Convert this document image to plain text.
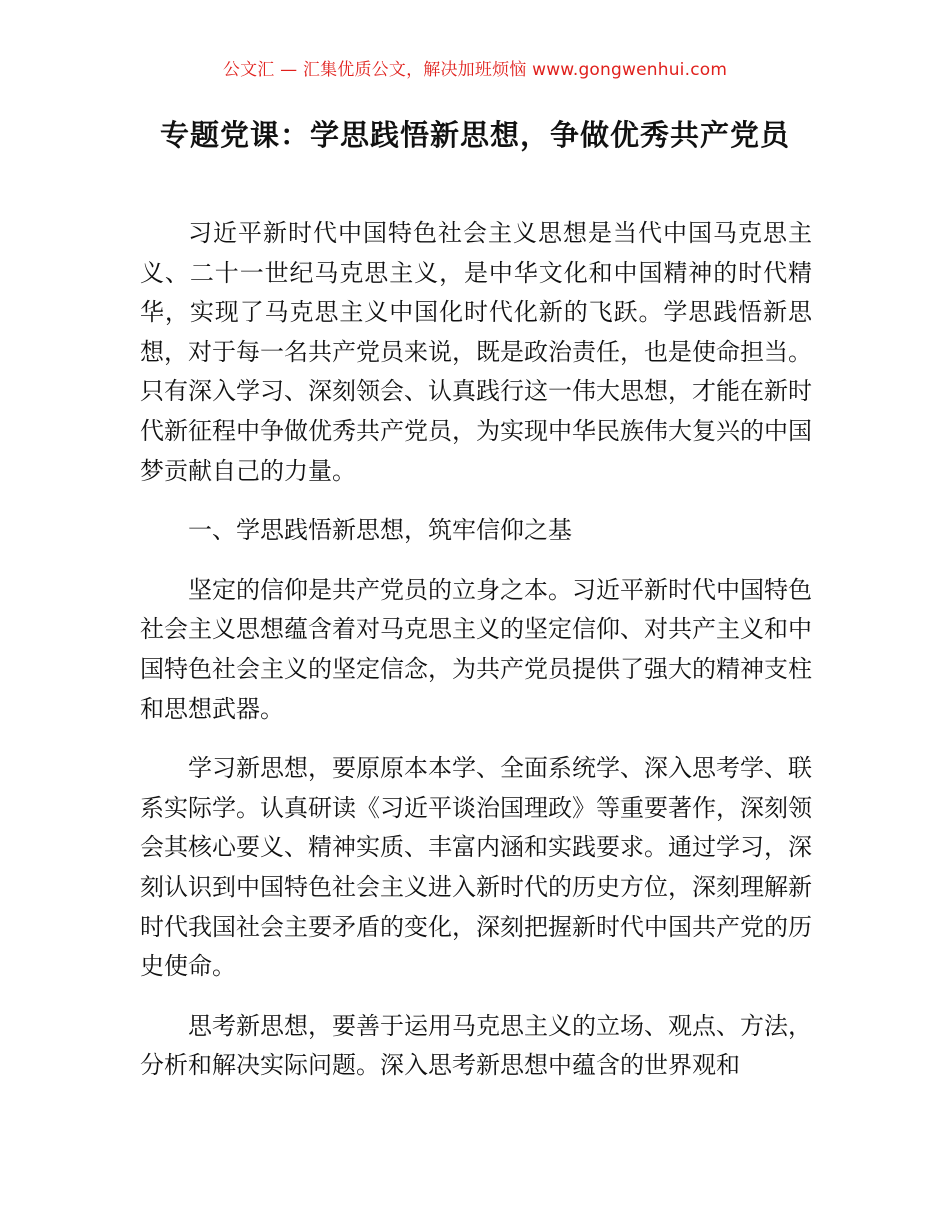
公文汇 — 汇集优质公文，解决加班烦恼 www.gongwenhui.com
专题党课：学思践悟新思想，争做优秀共产党员

习近平新时代中国特色社会主义思想是当代中国马克思主义、二十一世纪马克思主义，是中华文化和中国精神的时代精华，实现了马克思主义中国化时代化新的飞跃。学思践悟新思想，对于每一名共产党员来说，既是政治责任，也是使命担当。只有深入学习、深刻领会、认真践行这一伟大思想，才能在新时代新征程中争做优秀共产党员，为实现中华民族伟大复兴的中国梦贡献自己的力量。

一、学思践悟新思想，筑牢信仰之基

坚定的信仰是共产党员的立身之本。习近平新时代中国特色社会主义思想蕴含着对马克思主义的坚定信仰、对共产主义和中国特色社会主义的坚定信念，为共产党员提供了强大的精神支柱和思想武器。

学习新思想，要原原本本学、全面系统学、深入思考学、联系实际学。认真研读《习近平谈治国理政》等重要著作，深刻领会其核心要义、精神实质、丰富内涵和实践要求。通过学习，深刻认识到中国特色社会主义进入新时代的历史方位，深刻理解新时代我国社会主要矛盾的变化，深刻把握新时代中国共产党的历史使命。

思考新思想，要善于运用马克思主义的立场、观点、方法，分析和解决实际问题。深入思考新思想中蕴含的世界观和
